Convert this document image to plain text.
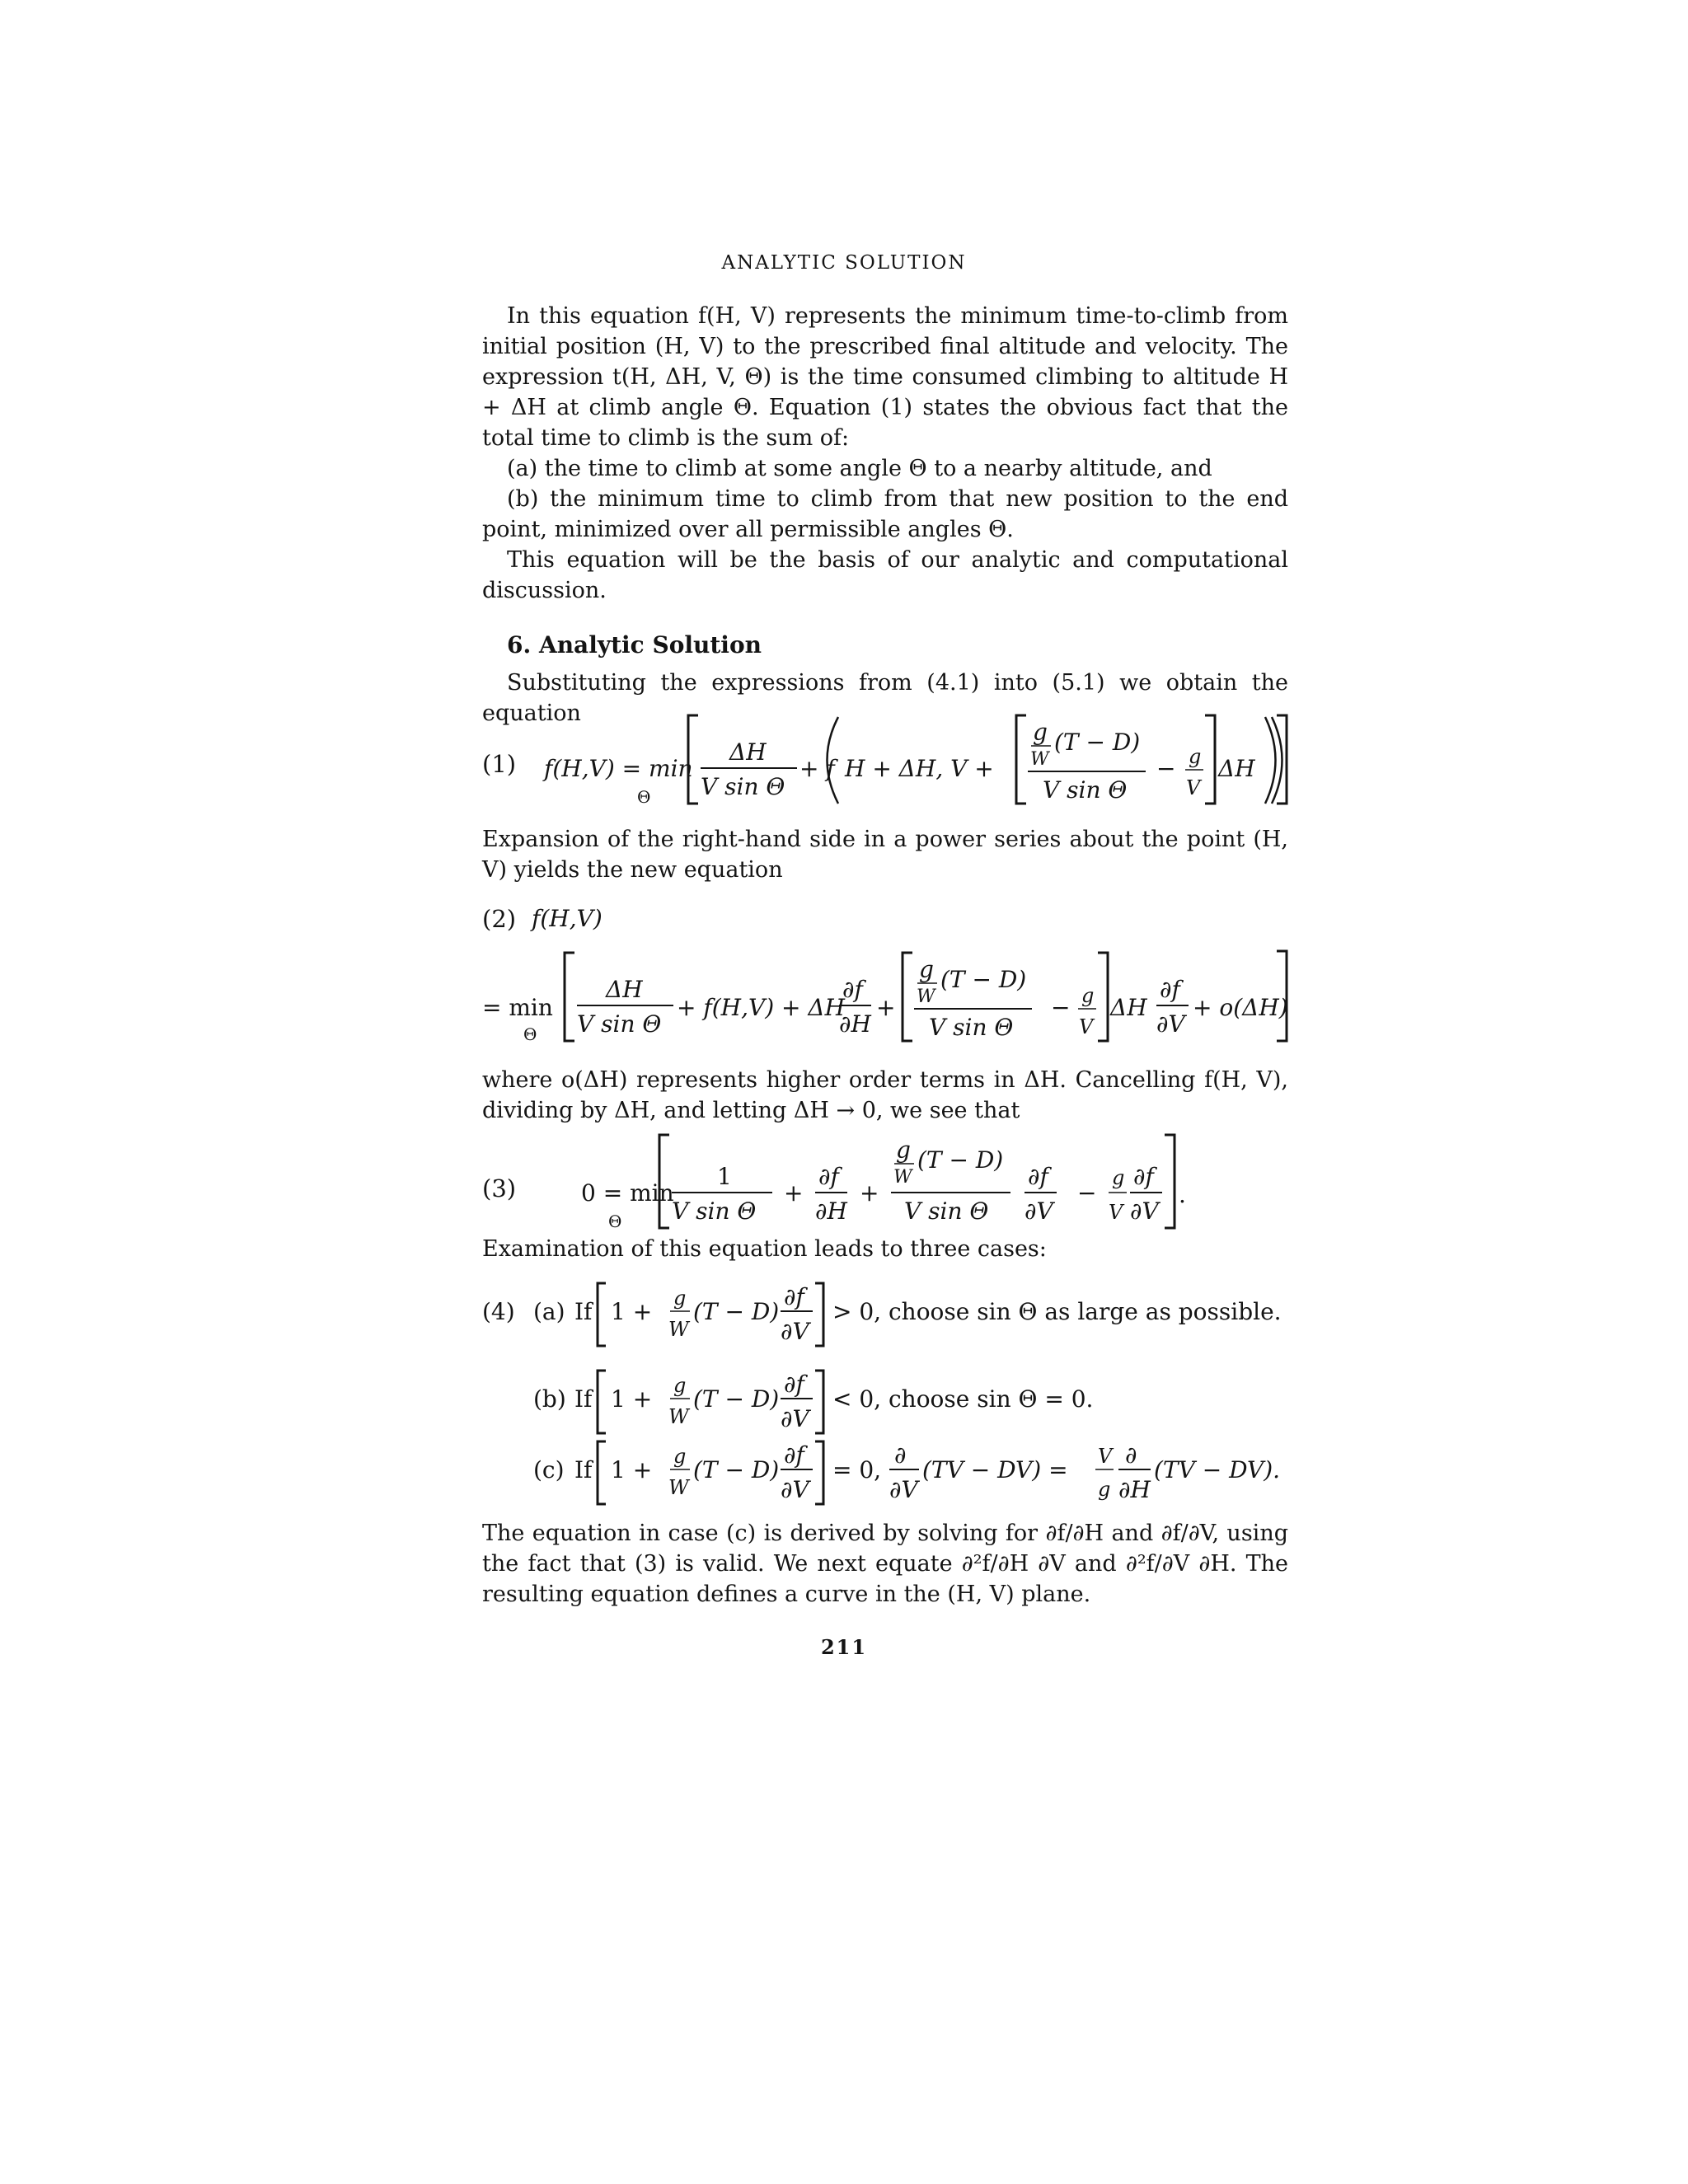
ANALYTIC SOLUTION

In this equation f(H, V) represents the minimum time-to-climb from initial position (H, V) to the prescribed final altitude and velocity. The expression t(H, ΔH, V, Θ) is the time consumed climbing to altitude H + ΔH at climb angle Θ. Equation (1) states the obvious fact that the total time to climb is the sum of:

(a) the time to climb at some angle Θ to a nearby altitude, and

(b) the minimum time to climb from that new position to the end point, minimized over all permissible angles Θ.

This equation will be the basis of our analytic and computational discussion.

6. Analytic Solution

Substituting the expressions from (4.1) into (5.1) we obtain the equation

(1) f(H,V) = min
Θ
ΔH
V sin Θ
+ f H + ΔH, V +
g
W
(T − D)
V sin Θ
− g
V
ΔH

Expansion of the right-hand side in a power series about the point (H, V) yields the new equation

(2) f(H,V)
= min
Θ
ΔH
V sin Θ
+ f(H,V) + ΔH
∂f
∂H
+
g
W
(T − D)
V sin Θ
− g
V
ΔH
∂f
∂V
+ o(ΔH)

where o(ΔH) represents higher order terms in ΔH. Cancelling f(H, V), dividing by ΔH, and letting ΔH → 0, we see that

(3)	0 = min
Θ
1
V sin Θ
+
∂f
∂H
+
g
W
(T − D)
V sin Θ
∂f
∂V
−
g
V
∂f
∂V
.

Examination of this equation leads to three cases:

(4) (a) If 1 + g
W
(T − D)
∂f
∂V
> 0, choose sin Θ as large as possible.
(b) If 1 + g
W
(T − D)
∂f
∂V
< 0, choose sin Θ = 0.
(c) If 1 + g
W
(T − D)
∂f
∂V
= 0,
∂
∂V
(TV − DV) = V
g
∂
∂H
(TV − DV).

The equation in case (c) is derived by solving for ∂f/∂H and ∂f/∂V, using the fact that (3) is valid. We next equate ∂²f/∂H ∂V and ∂²f/∂V ∂H. The resulting equation defines a curve in the (H, V) plane.

211
